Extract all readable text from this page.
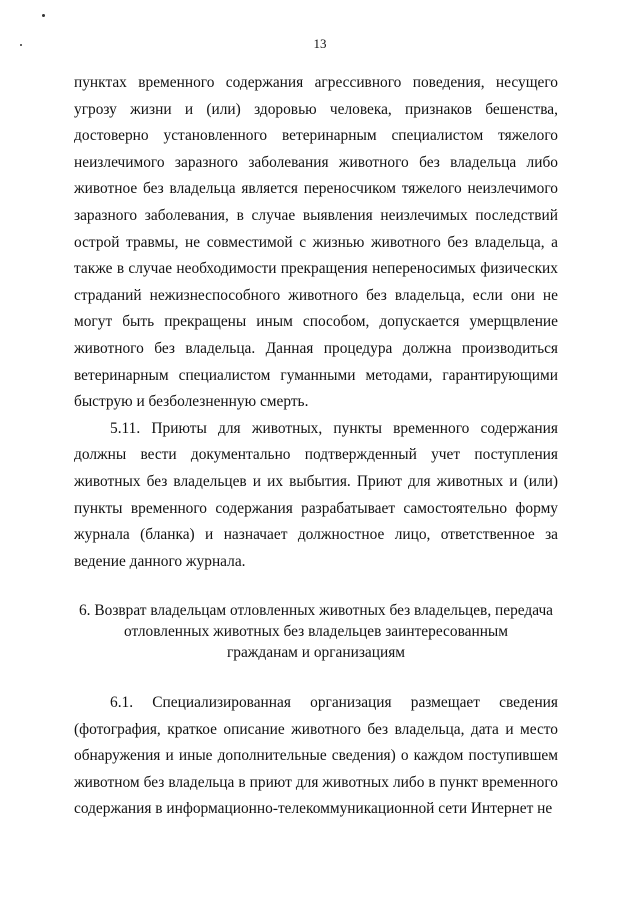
13

пунктах временного содержания агрессивного поведения, несущего угрозу жизни и (или) здоровью человека, признаков бешенства, достоверно установленного ветеринарным специалистом тяжелого неизлечимого заразного заболевания животного без владельца либо животное без владельца является переносчиком тяжелого неизлечимого заразного заболевания, в случае выявления неизлечимых последствий острой травмы, не совместимой с жизнью животного без владельца, а также в случае необходимости прекращения непереносимых физических страданий нежизнеспособного животного без владельца, если они не могут быть прекращены иным способом, допускается умерщвление животного без владельца. Данная процедура должна производиться ветеринарным специалистом гуманными методами, гарантирующими быструю и безболезненную смерть.

5.11. Приюты для животных, пункты временного содержания должны вести документально подтвержденный учет поступления животных без владельцев и их выбытия. Приют для животных и (или) пункты временного содержания разрабатывает самостоятельно форму журнала (бланка) и назначает должностное лицо, ответственное за ведение данного журнала.

6. Возврат владельцам отловленных животных без владельцев, передача
отловленных животных без владельцев заинтересованным
гражданам и организациям

6.1. Специализированная организация размещает сведения (фотография, краткое описание животного без владельца, дата и место обнаружения и иные дополнительные сведения) о каждом поступившем животном без владельца в приют для животных либо в пункт временного содержания в информационно-телекоммуникационной сети Интернет не
